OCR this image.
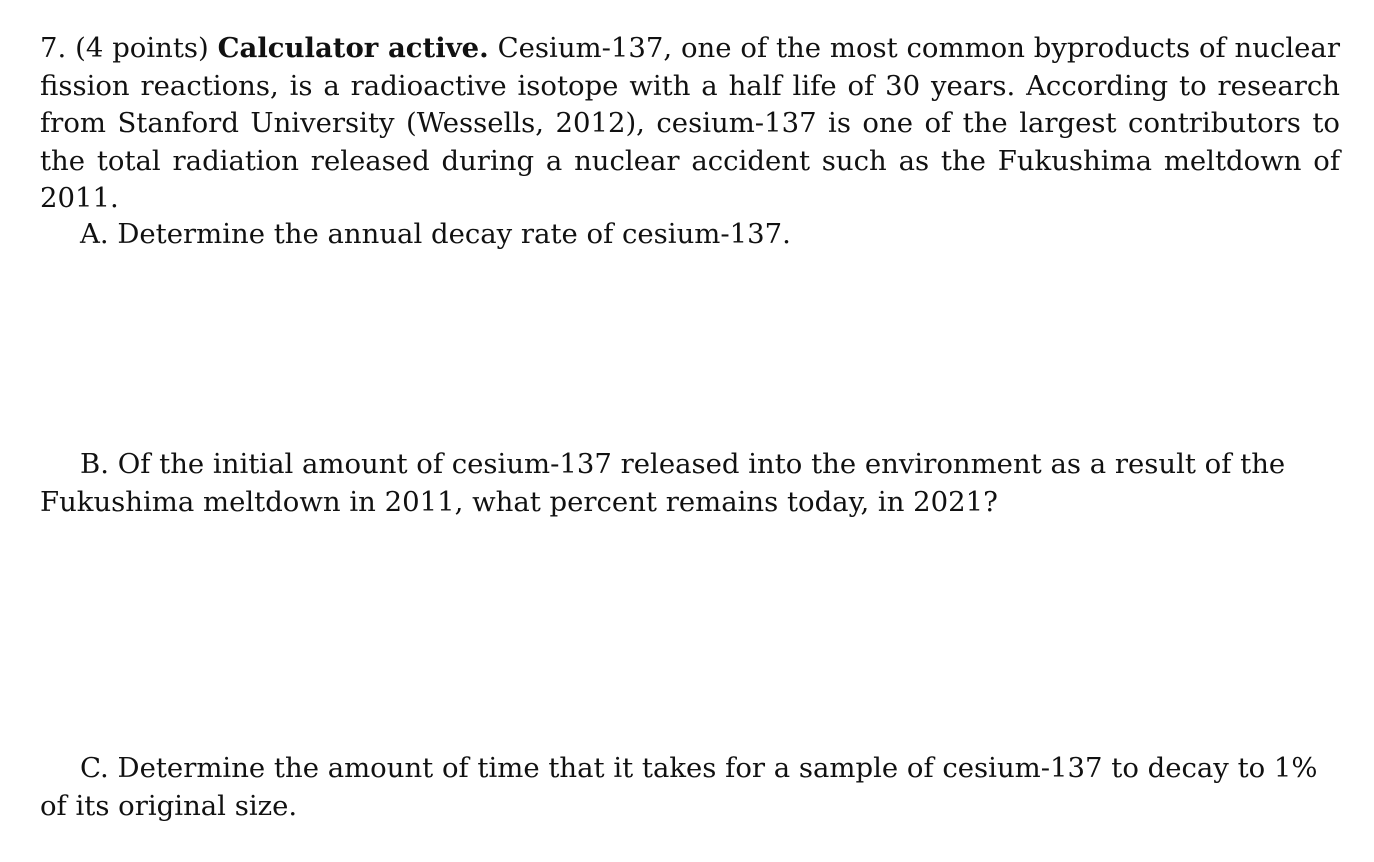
7. (4 points) Calculator active. Cesium-137, one of the most common byproducts of nuclear fission reactions, is a radioactive isotope with a half life of 30 years. According to research from Stanford University (Wessells, 2012), cesium-137 is one of the largest contributors to the total radiation released during a nuclear accident such as the Fukushima meltdown of 2011.

A. Determine the annual decay rate of cesium-137.

B. Of the initial amount of cesium-137 released into the environment as a result of the Fukushima meltdown in 2011, what percent remains today, in 2021?

C. Determine the amount of time that it takes for a sample of cesium-137 to decay to 1% of its original size.
